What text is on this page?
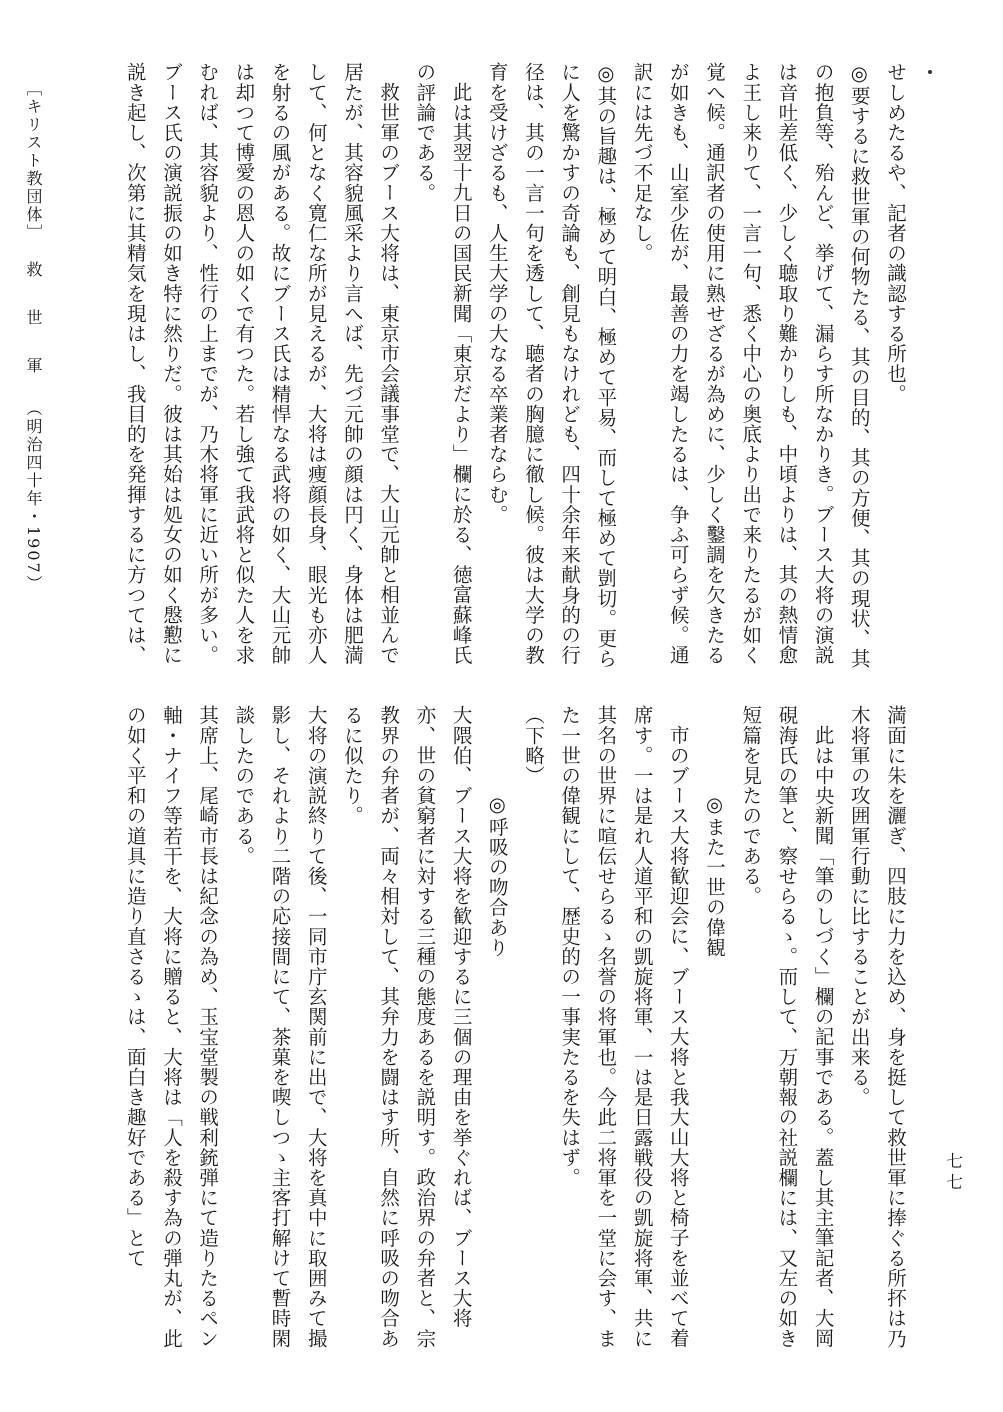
せしめたるや、記者の識認する所也。

◎要するに救世軍の何物たる、其の目的、其の方便、其の現状、其の抱負等、殆んど、挙げて、漏らす所なかりき。ブース大将の演説は音吐差低く、少しく聴取り難かりしも、中頃よりは、其の熱情愈よ王し来りて、一言一句、悉く中心の奥底より出で来りたるが如く覚へ候。通訳者の使用に熟せざるが為めに、少しく鑿調を欠きたるが如きも、山室少佐が、最善の力を竭したるは、争ふ可らず候。通訳には先づ不足なし。

◎其の旨趣は、極めて明白、極めて平易、而して極めて剴切。更らに人を驚かすの奇論も、創見もなけれども、四十余年来献身的の行径は、其の一言一句を透して、聴者の胸臆に徹し候。彼は大学の教育を受けざるも、人生大学の大なる卒業者ならむ。

此は其翌十九日の国民新聞「東京だより」欄に於る、徳富蘇峰氏の評論である。

救世軍のブース大将は、東京市会議事堂で、大山元帥と相並んで居たが、其容貌風采より言へば、先づ元帥の顔は円く、身体は肥満して、何となく寛仁な所が見えるが、大将は痩顔長身、眼光も亦人を射るの風がある。故にブース氏は精悍なる武将の如く、大山元帥は却つて博愛の恩人の如くで有つた。若し強て我武将と似た人を求むれば、其容貌より、性行の上までが、乃木将軍に近い所が多い。ブース氏の演説振の如き特に然りだ。彼は其始は処女の如く慇懃に説き起し、次第に其精気を現はし、我目的を発揮するに方つては、

満面に朱を灑ぎ、四肢に力を込め、身を挺して救世軍に捧ぐる所抔は乃木将軍の攻囲軍行動に比することが出来る。

此は中央新聞「筆のしづく」欄の記事である。蓋し其主筆記者、大岡硯海氏の筆と、察せらるゝ。而して、万朝報の社説欄には、又左の如き短篇を見たのである。

◎また一世の偉観

市のブース大将歓迎会に、ブース大将と我大山大将と椅子を並べて着席す。一は是れ人道平和の凱旋将軍、一は是日露戦役の凱旋将軍、共に其名の世界に喧伝せらるゝ名誉の将軍也。今此二将軍を一堂に会す、また一世の偉観にして、歴史的の一事実たるを失はず。

（下略）

◎呼吸の吻合あり

大隈伯、ブース大将を歓迎するに三個の理由を挙ぐれば、ブース大将亦、世の貧窮者に対する三種の態度あるを説明す。政治界の弁者と、宗教界の弁者が、両々相対して、其弁力を闘はす所、自然に呼吸の吻合あるに似たり。

大将の演説終りて後、一同市庁玄関前に出で、大将を真中に取囲みて撮影し、それより二階の応接間にて、茶菓を喫しつゝ主客打解けて暫時閑談したのである。

其席上、尾崎市長は紀念の為め、玉宝堂製の戦利銃弾にて造りたるペン軸・ナイフ等若干を、大将に贈ると、大将は「人を殺す為の弾丸が、此の如く平和の道具に造り直さるゝは、面白き趣好である」とて

［キリスト教団体］ 救　世　軍 （明治四十年・1907）
七七
